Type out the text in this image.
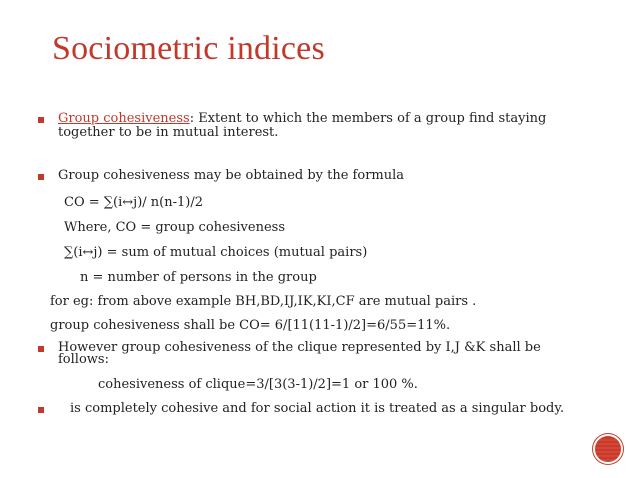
Sociometric indices
Group cohesiveness: Extent to which the members of a group find staying
together to be in mutual interest.
Group cohesiveness may be obtained by the formula
CO = ∑(i↔j)/ n(n-1)/2
Where, CO = group cohesiveness
∑(i↔j) = sum of mutual choices (mutual pairs)
n = number of persons in the group
for eg: from above example BH,BD,IJ,IK,KI,CF are mutual pairs .
group cohesiveness shall be CO= 6/[11(11-1)/2]=6/55=11%.
However group cohesiveness of the clique represented by I,J &K shall be
follows:
cohesiveness of clique=3/[3(3-1)/2]=1 or 100 %.
is completely cohesive and for social action it is treated as a singular body.
